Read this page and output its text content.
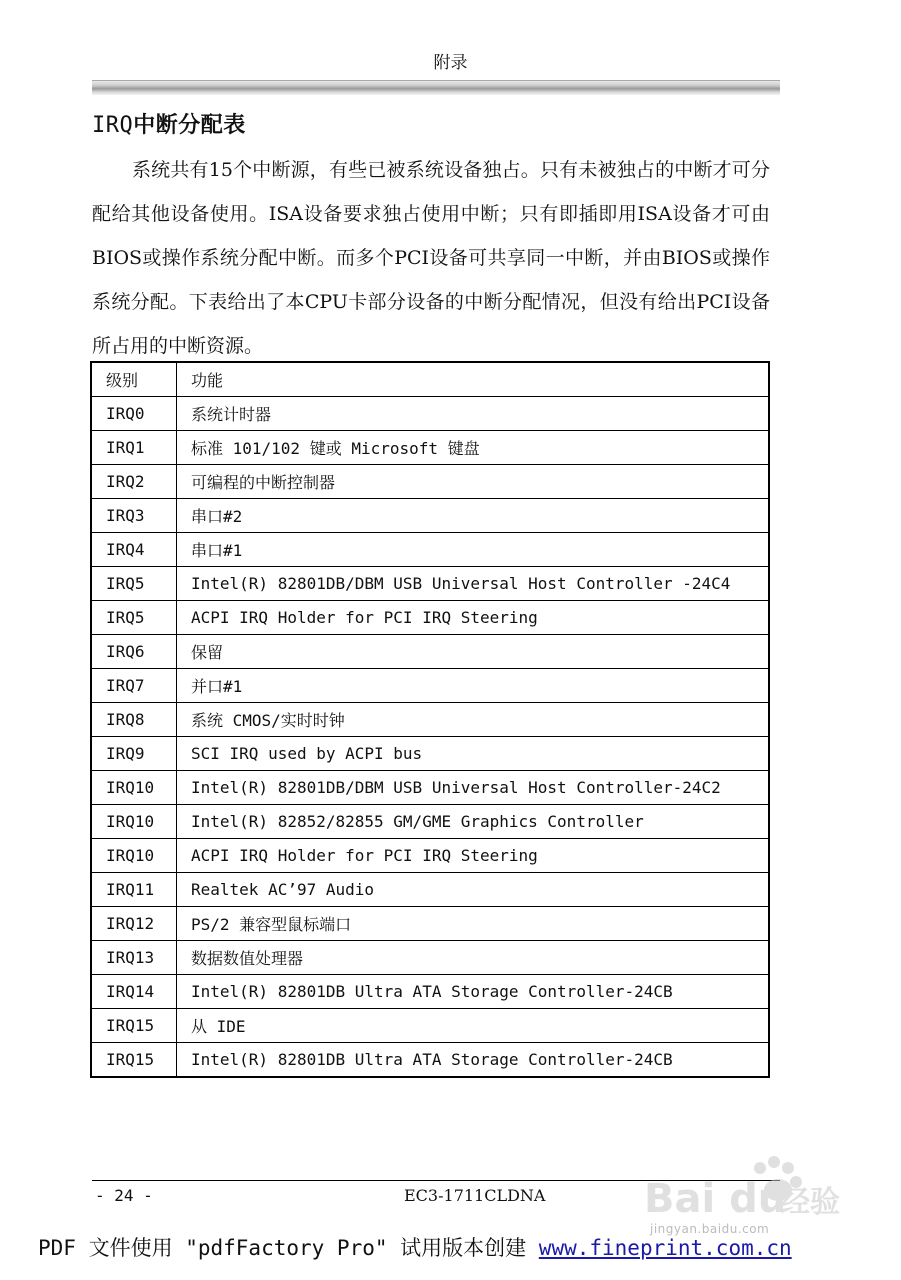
附录
IRQ中断分配表
系统共有15个中断源，有些已被系统设备独占。只有未被独占的中断才可分配给其他设备使用。ISA设备要求独占使用中断；只有即插即用ISA设备才可由BIOS或操作系统分配中断。而多个PCI设备可共享同一中断，并由BIOS或操作系统分配。下表给出了本CPU卡部分设备的中断分配情况，但没有给出PCI设备所占用的中断资源。
级别	功能
IRQ0	系统计时器
IRQ1	标准 101/102 键或 Microsoft 键盘
IRQ2	可编程的中断控制器
IRQ3	串口#2
IRQ4	串口#1
IRQ5	Intel(R) 82801DB/DBM USB Universal Host Controller -24C4
IRQ5	ACPI IRQ Holder for PCI IRQ Steering
IRQ6	保留
IRQ7	并口#1
IRQ8	系统 CMOS/实时时钟
IRQ9	SCI IRQ used by ACPI bus
IRQ10	Intel(R) 82801DB/DBM USB Universal Host Controller-24C2
IRQ10	Intel(R) 82852/82855 GM/GME Graphics Controller
IRQ10	ACPI IRQ Holder for PCI IRQ Steering
IRQ11	Realtek AC’97 Audio
IRQ12	PS/2 兼容型鼠标端口
IRQ13	数据数值处理器
IRQ14	Intel(R) 82801DB Ultra ATA Storage Controller-24CB
IRQ15	从 IDE
IRQ15	Intel(R) 82801DB Ultra ATA Storage Controller-24CB
- 24 -	EC3-1711CLDNA Bai du
经验
jingyan.baidu.com
PDF 文件使用 "pdfFactory Pro" 试用版本创建 www.fineprint.com.cn
